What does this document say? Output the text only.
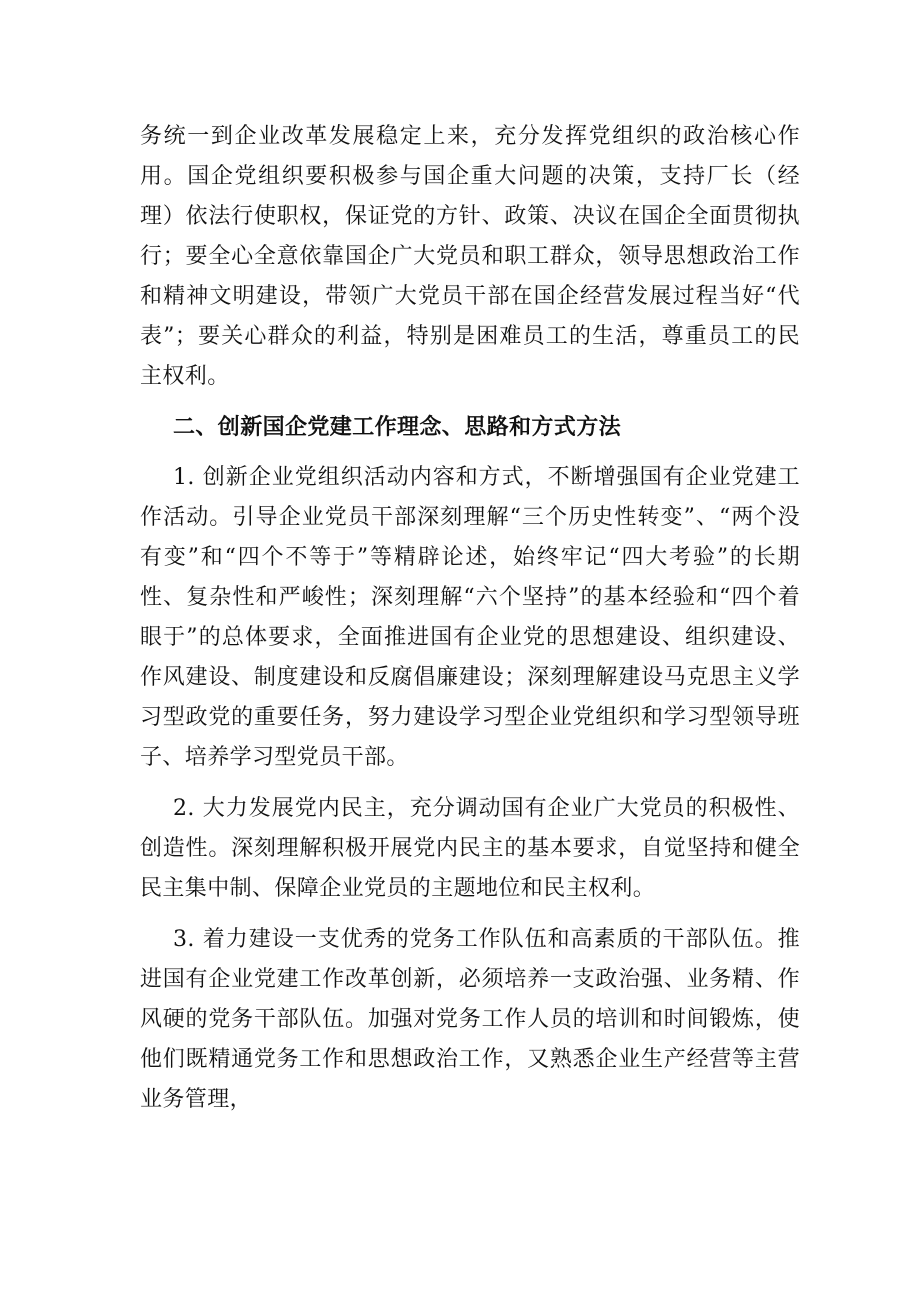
务统一到企业改革发展稳定上来，充分发挥党组织的政治核心作用。国企党组织要积极参与国企重大问题的决策，支持厂长（经理）依法行使职权，保证党的方针、政策、决议在国企全面贯彻执行；要全心全意依靠国企广大党员和职工群众，领导思想政治工作和精神文明建设，带领广大党员干部在国企经营发展过程当好“代表”；要关心群众的利益，特别是困难员工的生活，尊重员工的民主权利。

二、创新国企党建工作理念、思路和方式方法

1. 创新企业党组织活动内容和方式，不断增强国有企业党建工作活动。引导企业党员干部深刻理解“三个历史性转变”、“两个没有变”和“四个不等于”等精辟论述，始终牢记“四大考验”的长期性、复杂性和严峻性；深刻理解“六个坚持”的基本经验和“四个着眼于”的总体要求，全面推进国有企业党的思想建设、组织建设、作风建设、制度建设和反腐倡廉建设；深刻理解建设马克思主义学习型政党的重要任务，努力建设学习型企业党组织和学习型领导班子、培养学习型党员干部。

2. 大力发展党内民主，充分调动国有企业广大党员的积极性、创造性。深刻理解积极开展党内民主的基本要求，自觉坚持和健全民主集中制、保障企业党员的主题地位和民主权利。

3. 着力建设一支优秀的党务工作队伍和高素质的干部队伍。推进国有企业党建工作改革创新，必须培养一支政治强、业务精、作风硬的党务干部队伍。加强对党务工作人员的培训和时间锻炼，使他们既精通党务工作和思想政治工作，又熟悉企业生产经营等主营业务管理，
